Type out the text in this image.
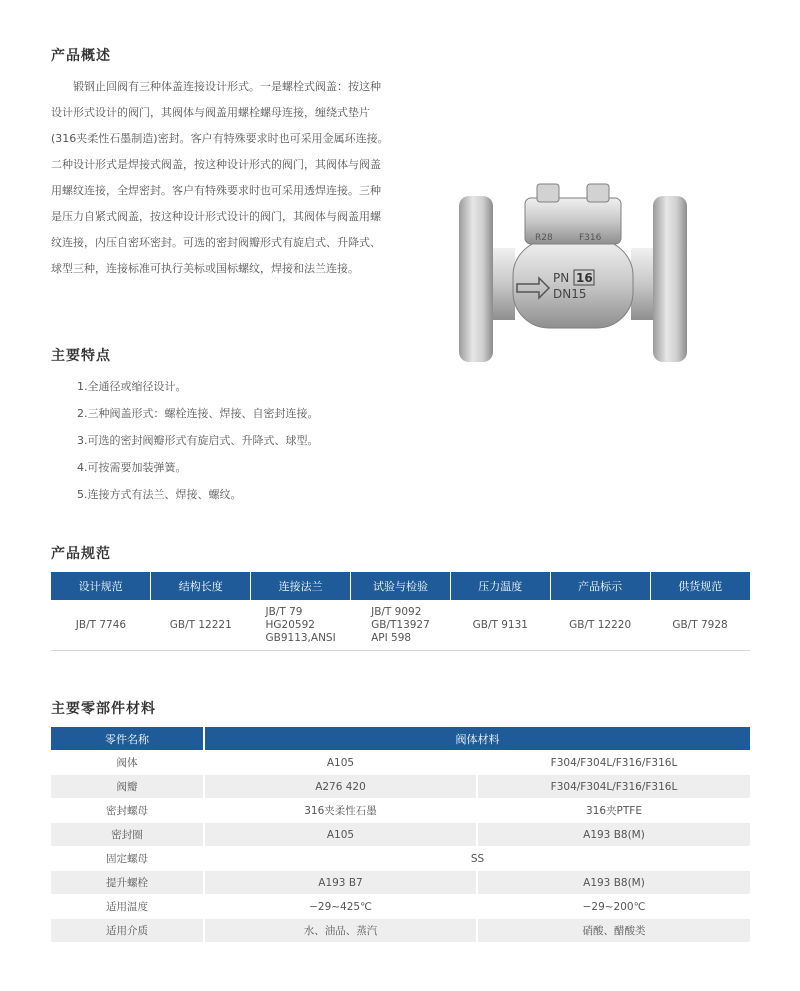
产品概述

锻钢止回阀有三种体盖连接设计形式。一是螺栓式阀盖：按这种设计形式设计的阀门，其阀体与阀盖用螺栓螺母连接，缠绕式垫片(316夹柔性石墨制造)密封。客户有特殊要求时也可采用金属环连接。二种设计形式是焊接式阀盖，按这种设计形式的阀门，其阀体与阀盖用螺纹连接，全焊密封。客户有特殊要求时也可采用透焊连接。三种是压力自紧式阀盖，按这种设计形式设计的阀门，其阀体与阀盖用螺纹连接，内压自密环密封。可选的密封阀瓣形式有旋启式、升降式、球型三种，连接标准可执行美标或国标螺纹，焊接和法兰连接。

R28	F316
PN 16
DN15
主要特点
1.全通径或缩径设计。
2.三种阀盖形式：螺栓连接、焊接、自密封连接。
3.可选的密封阀瓣形式有旋启式、升降式、球型。
4.可按需要加装弹簧。
5.连接方式有法兰、焊接、螺纹。
产品规范
设计规范	结构长度	连接法兰	试验与检验	压力温度	产品标示	供货规范
JB/T 7746	GB/T 12221	JB/T 79
HG20592
GB9113,ANSI	JB/T 9092
GB/T13927
API 598	GB/T 9131	GB/T 12220	GB/T 7928
主要零部件材料
零件名称	阀体材料	
阀体	A105	F304/F304L/F316/F316L
阀瓣	A276 420	F304/F304L/F316/F316L
密封螺母	316夹柔性石墨	316夹PTFE
密封圈	A105	A193 B8(M)
固定螺母	SS	
提升螺栓	A193 B7	A193 B8(M)
适用温度	−29~425℃	−29~200℃
适用介质	水、油品、蒸汽	硝酸、醋酸类
